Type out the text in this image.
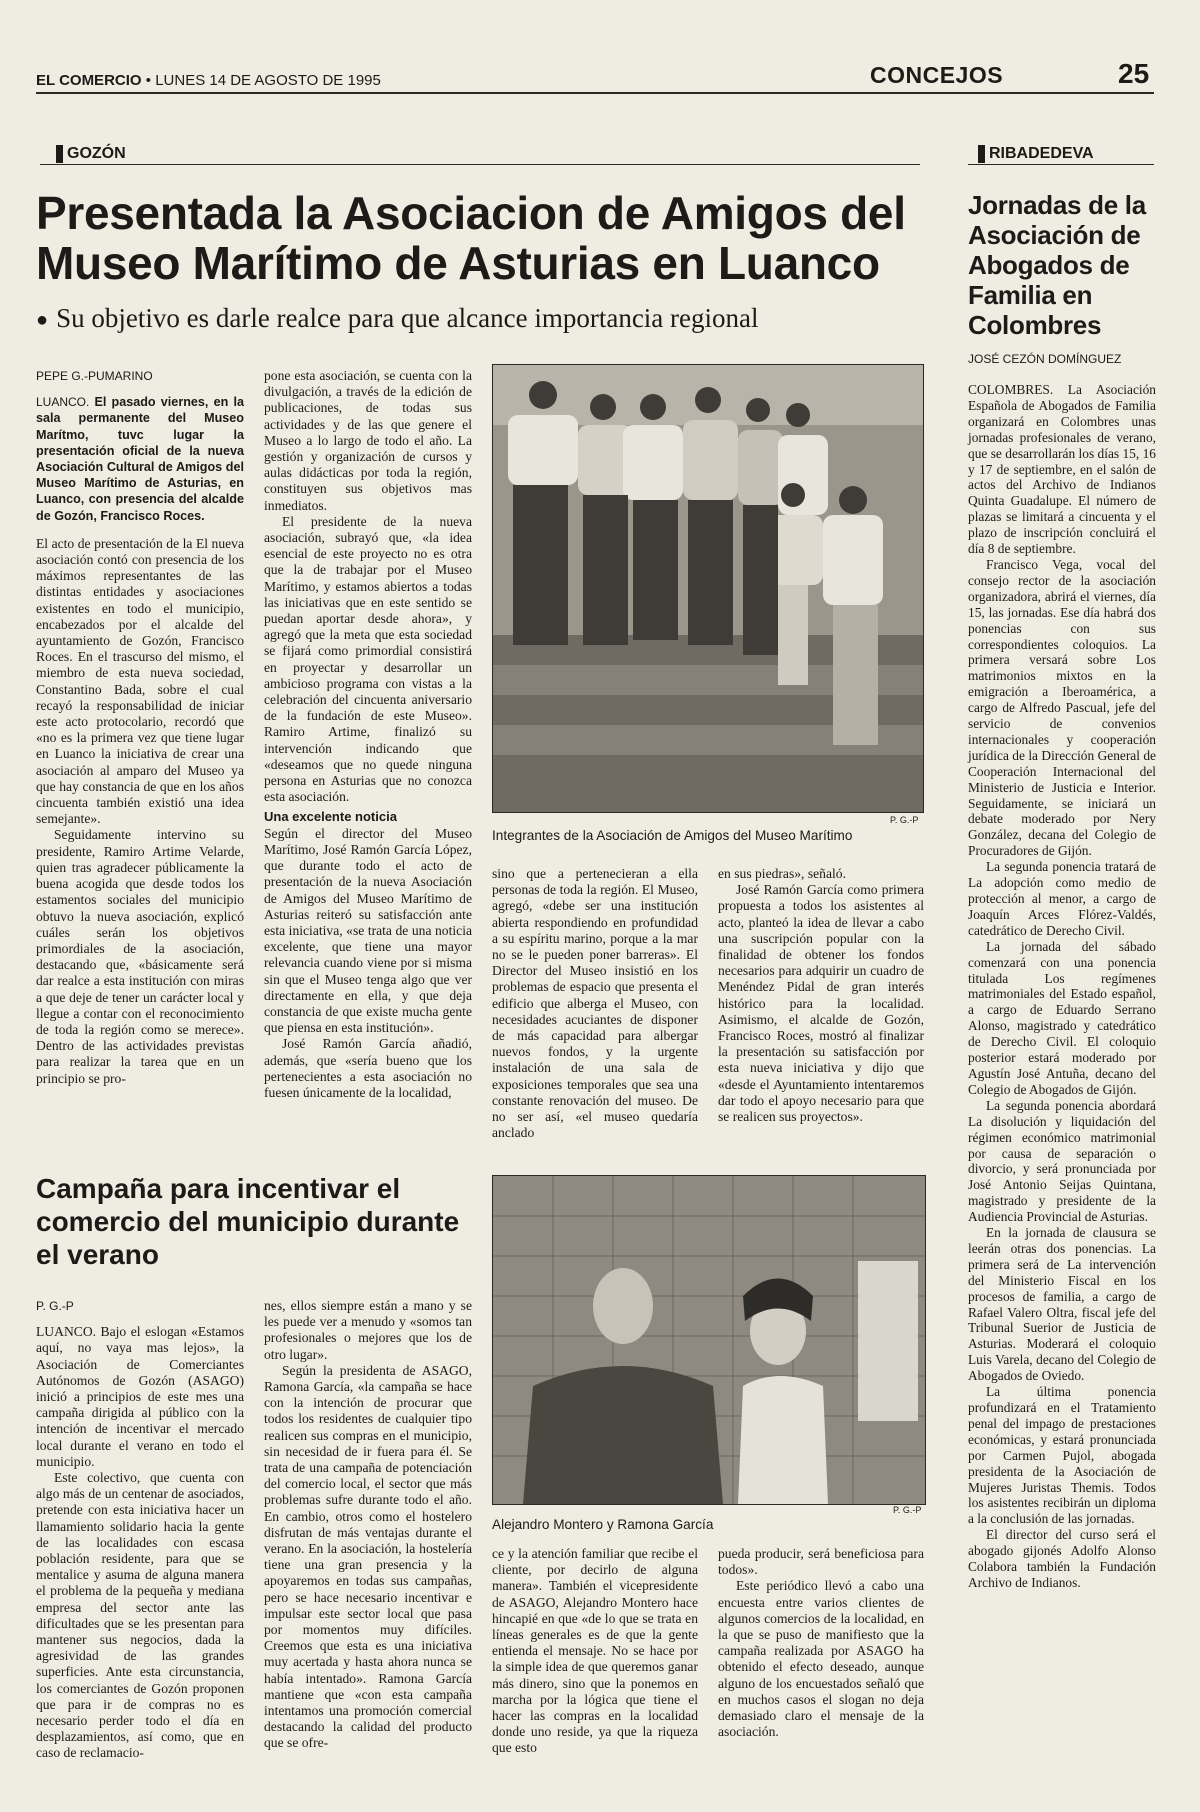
EL COMERCIO • LUNES 14 DE AGOSTO DE 1995	CONCEJOS	25
GOZÓN	RIBADEDEVA
Presentada la Asociacion de Amigos del Museo Marítimo de Asturias en Luanco
● Su objetivo es darle realce para que alcance importancia regional
PEPE G.-PUMARINO

LUANCO. El pasado viernes, en la sala permanente del Museo Marítmo, tuvc lugar la presentación oficial de la nueva Asociación Cultural de Amigos del Museo Marítimo de Asturias, en Luanco, con presencia del alcalde de Gozón, Francisco Roces.

El acto de presentación de la El nueva asociación contó con presencia de los máximos representantes de las distintas entidades y asociaciones existentes en todo el municipio, encabezados por el alcalde del ayuntamiento de Gozón, Francisco Roces. En el trascurso del mismo, el miembro de esta nueva sociedad, Constantino Bada, sobre el cual recayó la responsabilidad de iniciar este acto protocolario, recordó que «no es la primera vez que tiene lugar en Luanco la iniciativa de crear una asociación al amparo del Museo ya que hay constancia de que en los años cincuenta también existió una idea semejante».

Seguidamente intervino su presidente, Ramiro Artime Velarde, quien tras agradecer públicamente la buena acogida que desde todos los estamentos sociales del municipio obtuvo la nueva asociación, explicó cuáles serán los objetivos primordiales de la asociación, destacando que, «básicamente será dar realce a esta institución con miras a que deje de tener un carácter local y llegue a contar con el reconocimiento de toda la región como se merece». Dentro de las actividades previstas para realizar la tarea que en un principio se pro-

pone esta asociación, se cuenta con la divulgación, a través de la edición de publicaciones, de todas sus actividades y de las que genere el Museo a lo largo de todo el año. La gestión y organización de cursos y aulas didácticas por toda la región, constituyen sus objetivos mas inmediatos.

El presidente de la nueva asociación, subrayó que, «la idea esencial de este proyecto no es otra que la de trabajar por el Museo Marítimo, y estamos abiertos a todas las iniciativas que en este sentido se puedan aportar desde ahora», y agregó que la meta que esta sociedad se fijará como primordial consistirá en proyectar y desarrollar un ambicioso programa con vistas a la celebración del cincuenta aniversario de la fundación de este Museo». Ramiro Artime, finalizó su intervención indicando que «deseamos que no quede ninguna persona en Asturias que no conozca esta asociación.

Una excelente noticia

Según el director del Museo Marítimo, José Ramón García López, que durante todo el acto de presentación de la nueva Asociación de Amigos del Museo Marítimo de Asturias reiteró su satisfacción ante esta iniciativa, «se trata de una noticia excelente, que tiene una mayor relevancia cuando viene por si misma sin que el Museo tenga algo que ver directamente en ella, y que deja constancia de que existe mucha gente que piensa en esta institución».

José Ramón García añadió, además, que «sería bueno que los pertenecientes a esta asociación no fuesen únicamente de la localidad,

P. G.-P
Integrantes de la Asociación de Amigos del Museo Marítimo

sino que a pertenecieran a ella personas de toda la región. El Museo, agregó, «debe ser una institución abierta respondiendo en profundidad a su espíritu marino, porque a la mar no se le pueden poner barreras». El Director del Museo insistió en los problemas de espacio que presenta el edificio que alberga el Museo, con necesidades acuciantes de disponer de más capacidad para albergar nuevos fondos, y la urgente instalación de una sala de exposiciones temporales que sea una constante renovación del museo. De no ser así, «el museo quedaría anclado

en sus piedras», señaló.

José Ramón García como primera propuesta a todos los asistentes al acto, planteó la idea de llevar a cabo una suscripción popular con la finalidad de obtener los fondos necesarios para adquirir un cuadro de Menéndez Pidal de gran interés histórico para la localidad. Asimismo, el alcalde de Gozón, Francisco Roces, mostró al finalizar la presentación su satisfacción por esta nueva iniciativa y dijo que «desde el Ayuntamiento intentaremos dar todo el apoyo necesario para que se realicen sus proyectos».

Campaña para incentivar el comercio del municipio durante el verano
P. G.-P

LUANCO. Bajo el eslogan «Estamos aquí, no vaya mas lejos», la Asociación de Comerciantes Autónomos de Gozón (ASAGO) inició a principios de este mes una campaña dirigida al público con la intención de incentivar el mercado local durante el verano en todo el municipio.

Este colectivo, que cuenta con algo más de un centenar de asociados, pretende con esta iniciativa hacer un llamamiento solidario hacia la gente de las localidades con escasa población residente, para que se mentalice y asuma de alguna manera el problema de la pequeña y mediana empresa del sector ante las dificultades que se les presentan para mantener sus negocios, dada la agresividad de las grandes superficies. Ante esta circunstancia, los comerciantes de Gozón proponen que para ir de compras no es necesario perder todo el día en desplazamientos, así como, que en caso de reclamacio-

nes, ellos siempre están a mano y se les puede ver a menudo y «somos tan profesionales o mejores que los de otro lugar».

Según la presidenta de ASAGO, Ramona García, «la campaña se hace con la intención de procurar que todos los residentes de cualquier tipo realicen sus compras en el municipio, sin necesidad de ir fuera para él. Se trata de una campaña de potenciación del comercio local, el sector que más problemas sufre durante todo el año. En cambio, otros como el hostelero disfrutan de más ventajas durante el verano. En la asociación, la hostelería tiene una gran presencia y la apoyaremos en todas sus campañas, pero se hace necesario incentivar e impulsar este sector local que pasa por momentos muy difíciles. Creemos que esta es una iniciativa muy acertada y hasta ahora nunca se había intentado». Ramona García mantiene que «con esta campaña intentamos una promoción comercial destacando la calidad del producto que se ofre-

P. G.-P
Alejandro Montero y Ramona García

ce y la atención familiar que recibe el cliente, por decirlo de alguna manera». También el vicepresidente de ASAGO, Alejandro Montero hace hincapié en que «de lo que se trata en líneas generales es de que la gente entienda el mensaje. No se hace por la simple idea de que queremos ganar más dinero, sino que la ponemos en marcha por la lógica que tiene el hacer las compras en la localidad donde uno reside, ya que la riqueza que esto

pueda producir, será beneficiosa para todos».

Este periódico llevó a cabo una encuesta entre varios clientes de algunos comercios de la localidad, en la que se puso de manifiesto que la campaña realizada por ASAGO ha obtenido el efecto deseado, aunque alguno de los encuestados señaló que en muchos casos el slogan no deja demasiado claro el mensaje de la asociación.

Jornadas de la Asociación de Abogados de Familia en Colombres
JOSÉ CEZÓN DOMÍNGUEZ

COLOMBRES. La Asociación Española de Abogados de Familia organizará en Colombres unas jornadas profesionales de verano, que se desarrollarán los días 15, 16 y 17 de septiembre, en el salón de actos del Archivo de Indianos Quinta Guadalupe. El número de plazas se limitará a cincuenta y el plazo de inscripción concluirá el día 8 de septiembre.

Francisco Vega, vocal del consejo rector de la asociación organizadora, abrirá el viernes, día 15, las jornadas. Ese día habrá dos ponencias con sus correspondientes coloquios. La primera versará sobre Los matrimonios mixtos en la emigración a Iberoamérica, a cargo de Alfredo Pascual, jefe del servicio de convenios internacionales y cooperación jurídica de la Dirección General de Cooperación Internacional del Ministerio de Justicia e Interior. Seguidamente, se iniciará un debate moderado por Nery González, decana del Colegio de Procuradores de Gijón.

La segunda ponencia tratará de La adopción como medio de protección al menor, a cargo de Joaquín Arces Flórez-Valdés, catedrático de Derecho Civil.

La jornada del sábado comenzará con una ponencia titulada Los regímenes matrimoniales del Estado español, a cargo de Eduardo Serrano Alonso, magistrado y catedrático de Derecho Civil. El coloquio posterior estará moderado por Agustín José Antuña, decano del Colegio de Abogados de Gijón.

La segunda ponencia abordará La disolución y liquidación del régimen económico matrimonial por causa de separación o divorcio, y será pronunciada por José Antonio Seijas Quintana, magistrado y presidente de la Audiencia Provincial de Asturias.

En la jornada de clausura se leerán otras dos ponencias. La primera será de La intervención del Ministerio Fiscal en los procesos de familia, a cargo de Rafael Valero Oltra, fiscal jefe del Tribunal Suerior de Justicia de Asturias. Moderará el coloquio Luis Varela, decano del Colegio de Abogados de Oviedo.

La última ponencia profundizará en el Tratamiento penal del impago de prestaciones económicas, y estará pronunciada por Carmen Pujol, abogada presidenta de la Asociación de Mujeres Juristas Themis. Todos los asistentes recibirán un diploma a la conclusión de las jornadas.

El director del curso será el abogado gijonés Adolfo Alonso Colabora también la Fundación Archivo de Indianos.
